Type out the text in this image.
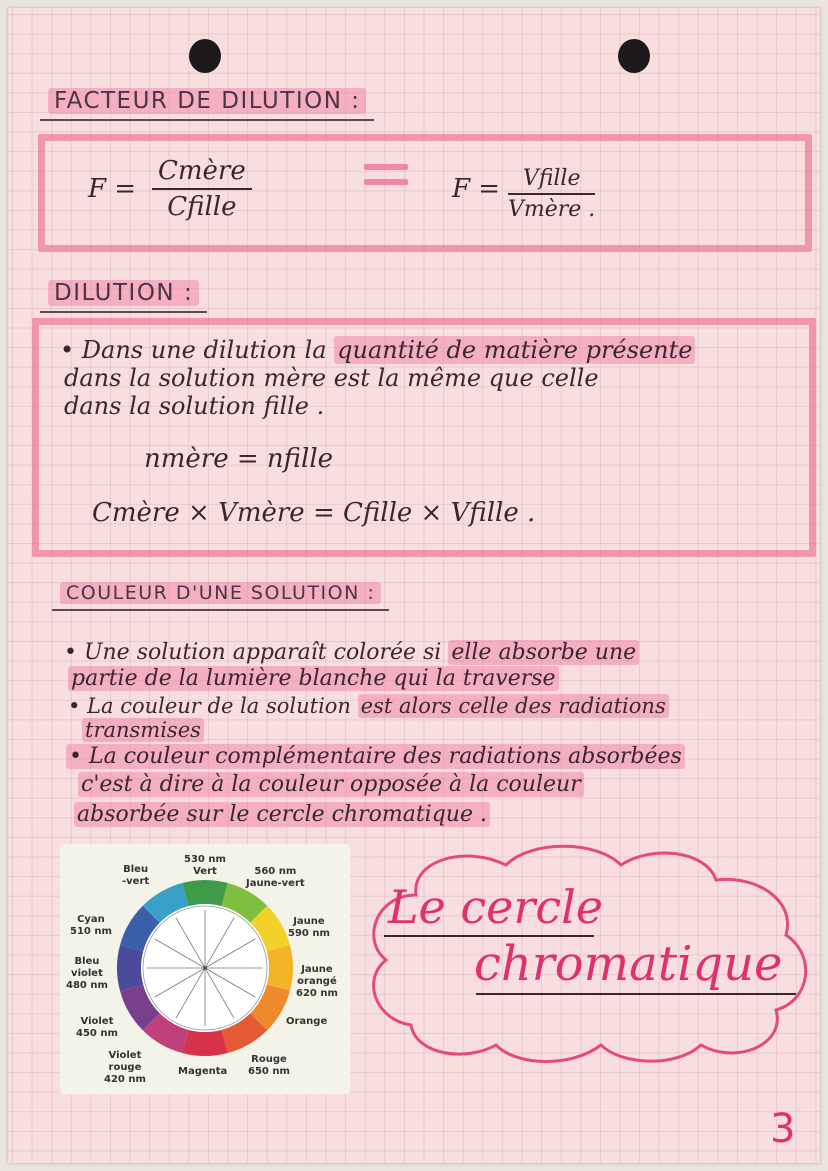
FACTEUR DE DILUTION :
F =
Cmère
Cfille
F =	Vfille
Vmère .
DILUTION :
• Dans une dilution la quantité de matière présente
dans la solution mère est la même que celle
dans la solution fille .
nmère = nfille
Cmère × Vmère = Cfille × Vfille .
COULEUR D'UNE SOLUTION :
• Une solution apparaît colorée si elle absorbe une
partie de la lumière blanche qui la traverse
• La couleur de la solution est alors celle des radiations
transmises
• La couleur complémentaire des radiations absorbées
c'est à dire à la couleur opposée à la couleur
absorbée sur le cercle chromatique .
530 nm
Vert	560 nm
Jaune-vert
Bleu
-vert
Jaune
590 nm
Cyan
510 nm
Jaune
orangé
620 nm
Bleu
violet
480 nm
Orange
Violet
450 nm
Rouge
650 nm
Violet
rouge
420 nm
Magenta
Le cercle
chromatique
3
